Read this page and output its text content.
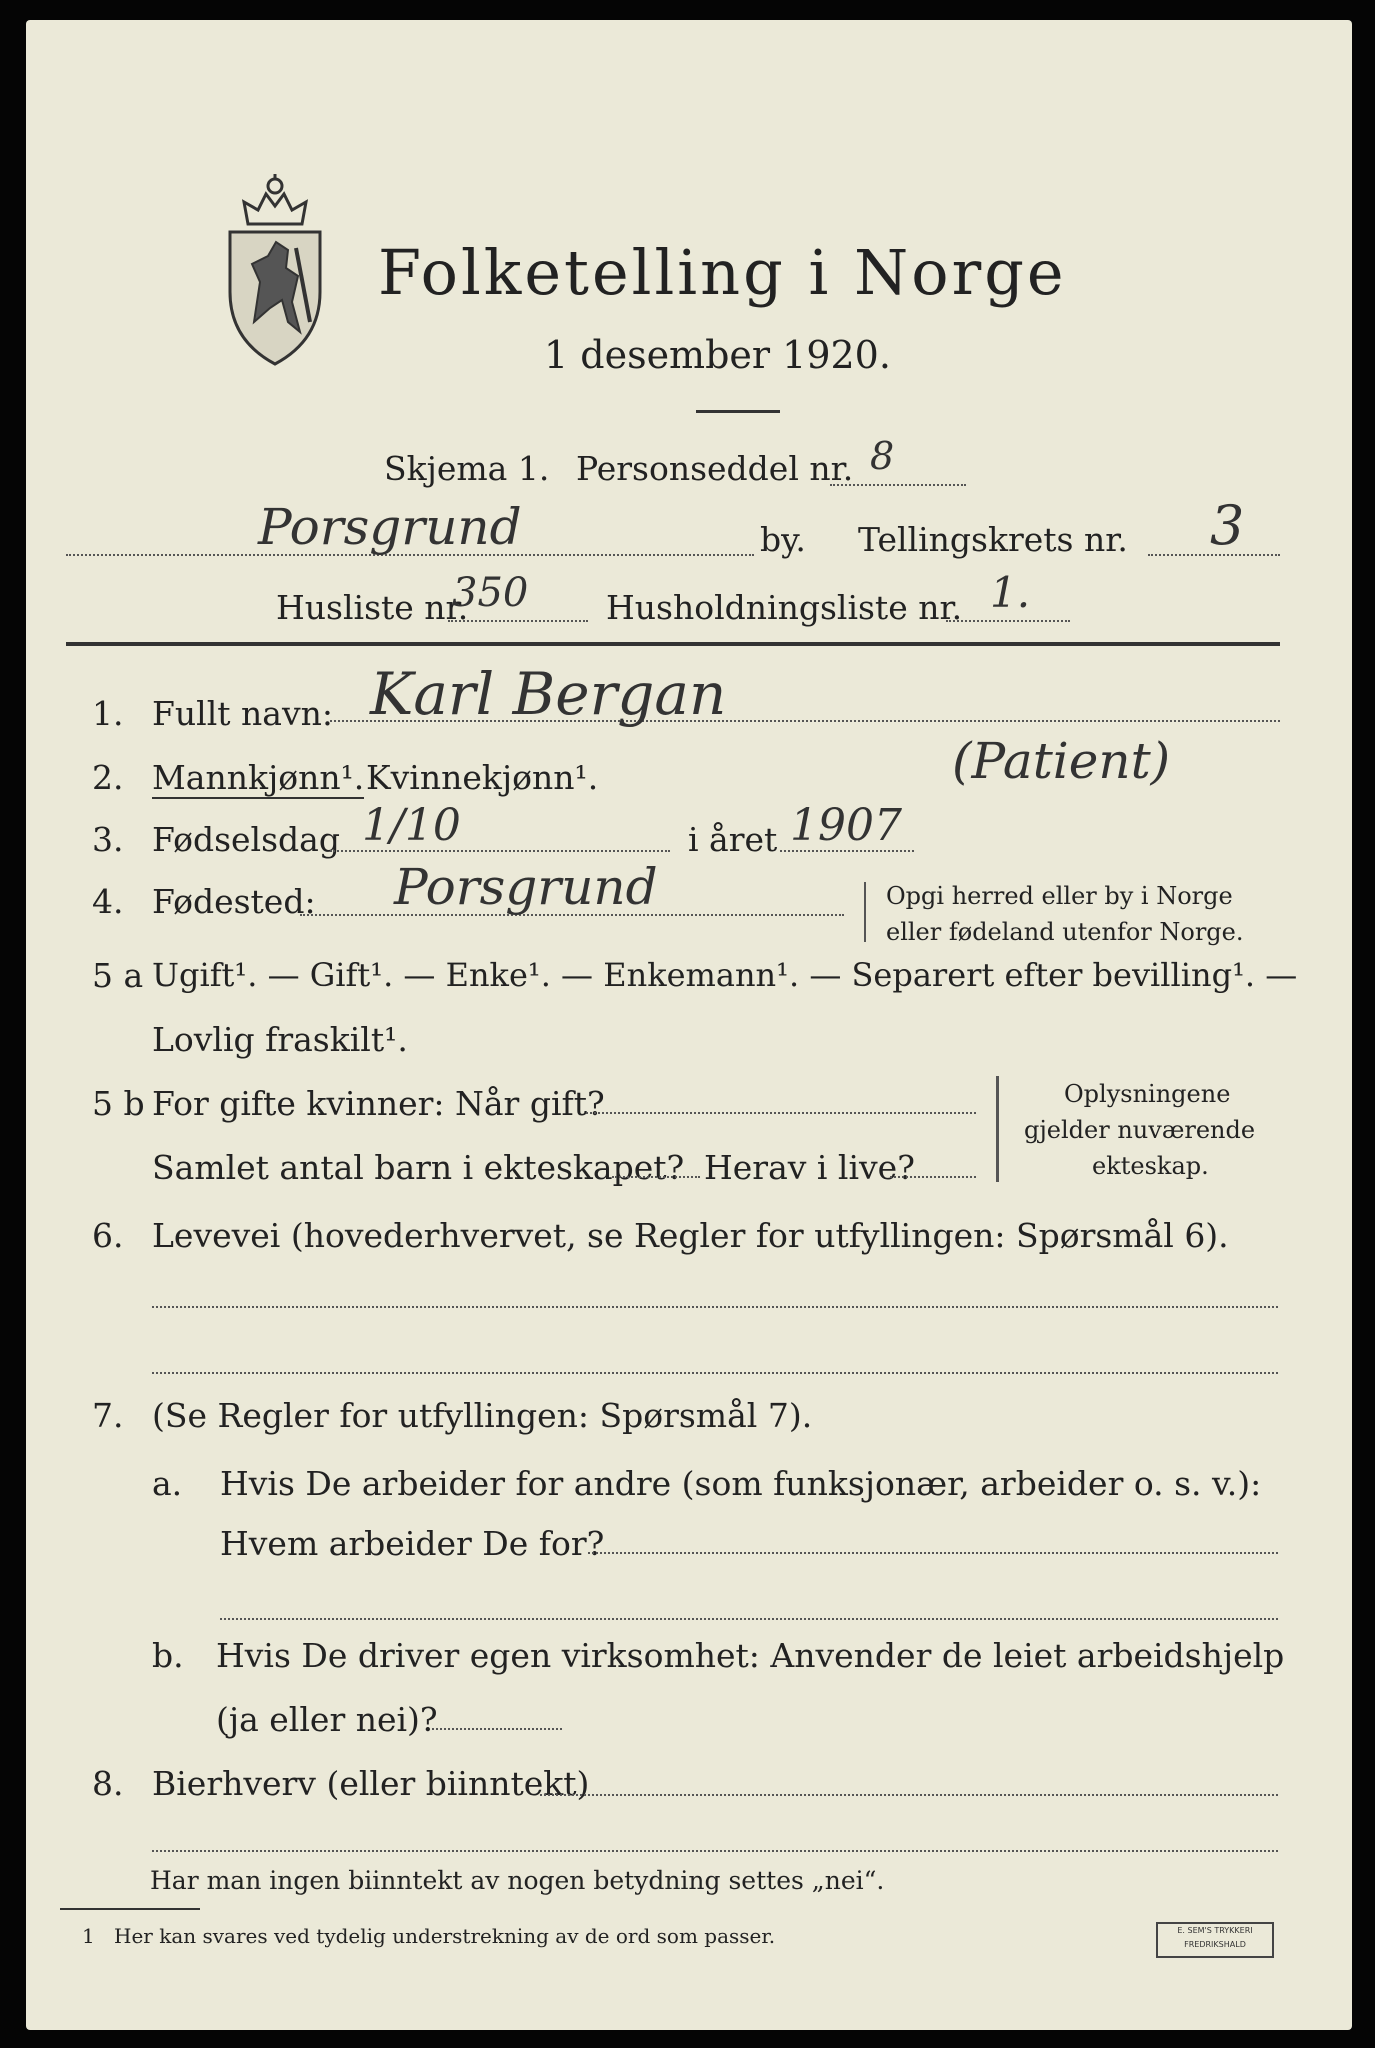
Folketelling i Norge
1 desember 1920.
Skjema 1. Personseddel nr. 8
Porsgrund	by. Tellingskrets nr. 3
Husliste nr.
350 Husholdningsliste nr. 1.
1. Fullt navn: Karl Bergan
2. Mannkjønn¹. Kvinnekjønn¹.	(Patient)
3. Fødselsdag 1/10	i året 1907
4. Fødested: Porsgrund	Opgi herred eller by i Norge
eller fødeland utenfor Norge.
5 a Ugift¹. — Gift¹. — Enke¹. — Enkemann¹. — Separert efter bevilling¹. —
Lovlig fraskilt¹.
5 b For gifte kvinner: Når gift?
Samlet antal barn i ekteskapet? Herav i live?
Oplysningene
gjelder nuværende
ekteskap.
6. Levevei (hovederhvervet, se Regler for utfyllingen: Spørsmål 6).
7. (Se Regler for utfyllingen: Spørsmål 7).
a. Hvis De arbeider for andre (som funksjonær, arbeider o. s. v.):
Hvem arbeider De for?
b. Hvis De driver egen virksomhet: Anvender de leiet arbeidshjelp
(ja eller nei)?
8. Bierhverv (eller biinntekt)
Har man ingen biinntekt av nogen betydning settes „nei“.
1 Her kan svares ved tydelig understrekning av de ord som passer.	E. SEM'S TRYKKERI
FREDRIKSHALD
